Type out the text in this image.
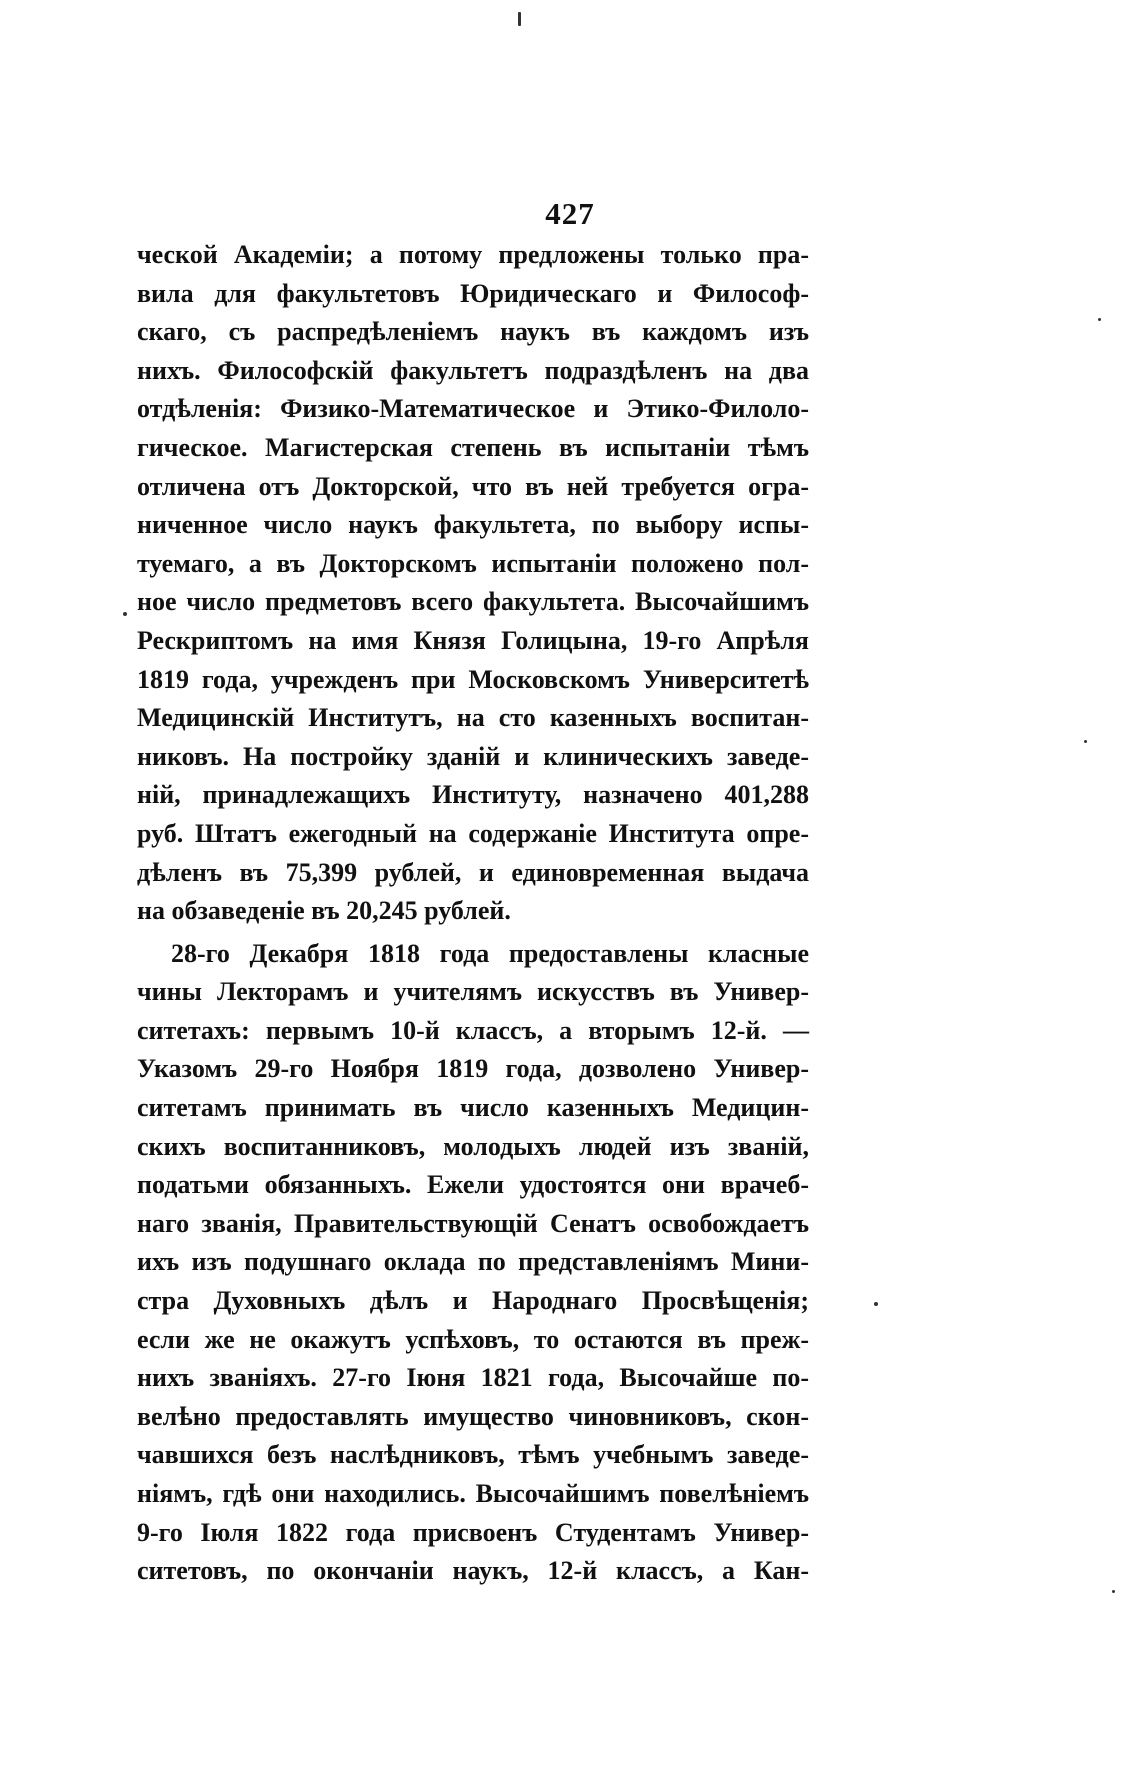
427
ческой Академіи; а потому предложены только пра-
вила для факультетовъ Юридическаго и Философ-
скаго, съ распредѣленіемъ наукъ въ каждомъ изъ
нихъ. Философскій факультетъ подраздѣленъ на два
отдѣленія: Физико-Математическое и Этико-Филоло-
гическое. Магистерская степень въ испытаніи тѣмъ
отличена отъ Докторской, что въ ней требуется огра-
ниченное число наукъ факультета, по выбору испы-
туемаго, а въ Докторскомъ испытаніи положено пол-
ное число предметовъ всего факультета. Высочайшимъ
Рескриптомъ на имя Князя Голицына, 19-го Апрѣля
1819 года, учрежденъ при Московскомъ Университетѣ
Медицинскій Институтъ, на сто казенныхъ воспитан-
никовъ. На постройку зданій и клиническихъ заведе-
ній, принадлежащихъ Институту, назначено 401,288
руб. Штатъ ежегодный на содержаніе Института опре-
дѣленъ въ 75,399 рублей, и единовременная выдача
на обзаведеніе въ 20,245 рублей.
28-го Декабря 1818 года предоставлены класные
чины Лекторамъ и учителямъ искусствъ въ Универ-
ситетахъ: первымъ 10-й классъ, а вторымъ 12-й. —
Указомъ 29-го Ноября 1819 года, дозволено Универ-
ситетамъ принимать въ число казенныхъ Медицин-
скихъ воспитанниковъ, молодыхъ людей изъ званій,
податьми обязанныхъ. Ежели удостоятся они врачеб-
наго званія, Правительствующій Сенатъ освобождаетъ
ихъ изъ подушнаго оклада по представленіямъ Мини-
стра Духовныхъ дѣлъ и Народнаго Просвѣщенія;
если же не окажутъ успѣховъ, то остаются въ преж-
нихъ званіяхъ. 27-го Іюня 1821 года, Высочайше по-
велѣно предоставлять имущество чиновниковъ, скон-
чавшихся безъ наслѣдниковъ, тѣмъ учебнымъ заведе-
ніямъ, гдѣ они находились. Высочайшимъ повелѣніемъ
9-го Іюля 1822 года присвоенъ Студентамъ Универ-
ситетовъ, по окончаніи наукъ, 12-й классъ, а Кан-
